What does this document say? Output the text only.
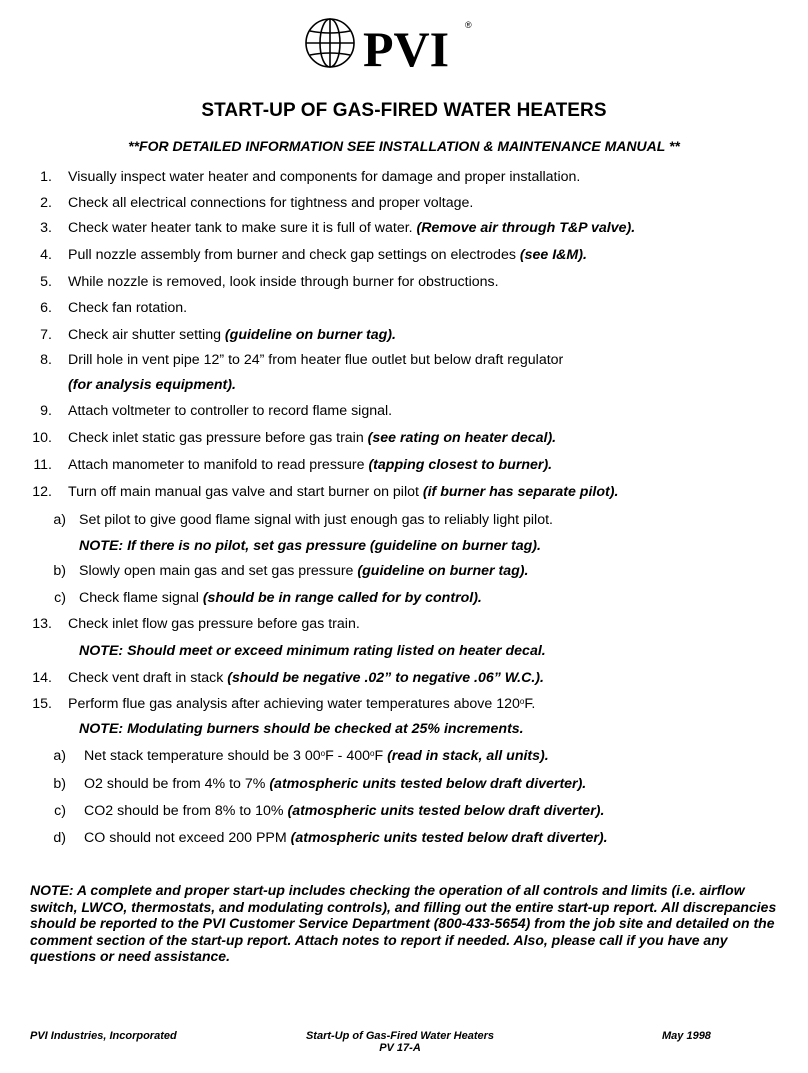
PVI ®
START-UP OF GAS-FIRED WATER HEATERS
**FOR DETAILED INFORMATION SEE INSTALLATION & MAINTENANCE MANUAL **
1. Visually inspect water heater and components for damage and proper installation.
2. Check all electrical connections for tightness and proper voltage.
3. Check water heater tank to make sure it is full of water. (Remove air through T&P valve).
4. Pull nozzle assembly from burner and check gap settings on electrodes (see I&M).
5. While nozzle is removed, look inside through burner for obstructions.
6. Check fan rotation.
7. Check air shutter setting (guideline on burner tag).
8. Drill hole in vent pipe 12” to 24” from heater flue outlet but below draft regulator
(for analysis equipment).
9. Attach voltmeter to controller to record flame signal.
10. Check inlet static gas pressure before gas train (see rating on heater decal).
11. Attach manometer to manifold to read pressure (tapping closest to burner).
12. Turn off main manual gas valve and start burner on pilot (if burner has separate pilot).
a) Set pilot to give good flame signal with just enough gas to reliably light pilot.
NOTE: If there is no pilot, set gas pressure (guideline on burner tag).
b) Slowly open main gas and set gas pressure (guideline on burner tag).
c) Check flame signal (should be in range called for by control).
13. Check inlet flow gas pressure before gas train.
NOTE: Should meet or exceed minimum rating listed on heater decal.
14. Check vent draft in stack (should be negative .02” to negative .06” W.C.).
15. Perform flue gas analysis after achieving water temperatures above 120$^o$F.
NOTE: Modulating burners should be checked at 25% increments.
a) Net stack temperature should be 3 00$^o$F - 400$^o$F (read in stack, all units).
b) O2 should be from 4% to 7% (atmospheric units tested below draft diverter).
c) CO2 should be from 8% to 10% (atmospheric units tested below draft diverter).
d) CO should not exceed 200 PPM (atmospheric units tested below draft diverter).
NOTE: A complete and proper start-up includes checking the operation of all controls and limits (i.e. airflow switch, LWCO, thermostats, and modulating controls), and filling out the entire start-up report. All discrepancies should be reported to the PVI Customer Service Department (800-433-5654) from the job site and detailed on the comment section of the start-up report. Attach notes to report if needed. Also, please call if you have any questions or need assistance.
PVI Industries, Incorporated	Start-Up of Gas-Fired Water Heaters
PV 17-A
May 1998
